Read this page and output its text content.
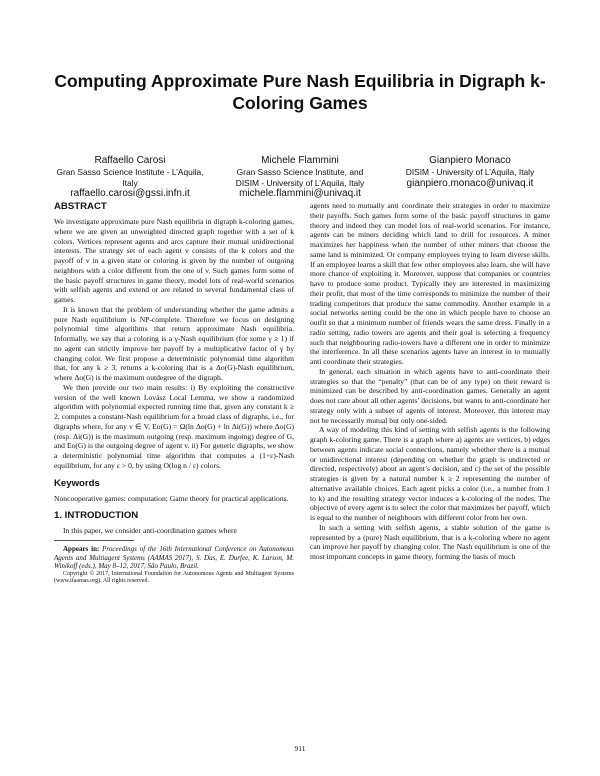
Computing Approximate Pure Nash Equilibria in Digraph k-Coloring Games
Raffaello Carosi
Gran Sasso Science Institute - L’Aquila, Italy
raffaello.carosi@gssi.infn.it
Michele Flammini
Gran Sasso Science Institute, and DISIM - University of L’Aquila, Italy
michele.flammini@univaq.it
Gianpiero Monaco
DISIM - University of L’Aquila, Italy
gianpiero.monaco@univaq.it
ABSTRACT

We investigate approximate pure Nash equilibria in digraph k-coloring games, where we are given an unweighted directed graph together with a set of k colors. Vertices represent agents and arcs capture their mutual unidirectional interests. The strategy set of each agent v consists of the k colors and the payoff of v in a given state or coloring is given by the number of outgoing neighbors with a color different from the one of v. Such games form some of the basic payoff structures in game theory, model lots of real-world scenarios with selfish agents and extend or are related to several fundamental class of games.

It is known that the problem of understanding whether the game admits a pure Nash equilibrium is NP-complete. Therefore we focus on designing polynomial time algorithms that return approximate Nash equilibria. Informally, we say that a coloring is a γ-Nash equilibrium (for some γ ≥ 1) if no agent can strictly improve her payoff by a multiplicative factor of γ by changing color. We first propose a deterministic polynomial time algorithm that, for any k ≥ 3, returns a k-coloring that is a Δo(G)-Nash equilibrium, where Δo(G) is the maximum outdegree of the digraph.

We then provide our two main results: i) By exploiting the constructive version of the well known Lovász Local Lemma, we show a randomized algorithm with polynomial expected running time that, given any constant k ≥ 2, computes a constant-Nash equilibrium for a broad class of digraphs, i.e., for digraphs where, for any v ∈ V, Eo(G) = Ω(ln Δo(G) + ln Δi(G)) where Δo(G) (resp. Δi(G)) is the maximum outgoing (resp. maximum ingoing) degree of G, and Eo(G) is the outgoing degree of agent v. ii) For generic digraphs, we show a deterministic polynomial time algorithm that computes a (1+ε)-Nash equilibrium, for any ε > 0, by using O(log n / ε) colors.

Keywords

Noncooperative games: computation; Game theory for practical applications.

1. INTRODUCTION

In this paper, we consider anti-coordination games where

Appears in: Proceedings of the 16th International Conference on Autonomous Agents and Multiagent Systems (AAMAS 2017), S. Das, E. Durfee, K. Larson, M. Winikoff (eds.), May 8–12, 2017, São Paulo, Brazil.

Copyright © 2017, International Foundation for Autonomous Agents and Multiagent Systems (www.ifaamas.org). All rights reserved.

agents need to mutually anti coordinate their strategies in order to maximize their payoffs. Such games form some of the basic payoff structures in game theory and indeed they can model lots of real-world scenarios. For instance, agents can be miners deciding which land to drill for resources. A miner maximizes her happiness when the number of other miners that choose the same land is minimized. Or company employees trying to learn diverse skills. If an employee learns a skill that few other employees also learn, she will have more chance of exploiting it. Moreover, suppose that companies or countries have to produce some product. Typically they are interested in maximizing their profit, that most of the time corresponds to minimize the number of their trading competitors that produce the same commodity. Another example in a social networks setting could be the one in which people have to choose an outfit so that a minimum number of friends wears the same dress. Finally in a radio setting, radio towers are agents and their goal is selecting a frequency such that neighbouring radio-towers have a different one in order to minimize the interference. In all these scenarios agents have an interest in to mutually anti coordinate their strategies.

In general, each situation in which agents have to anti-coordinate their strategies so that the “penalty” (that can be of any type) on their reward is minimized can be described by anti-coordination games. Generally an agent does not care about all other agents’ decisions, but wants to anti-coordinate her strategy only with a subset of agents of interest. Moreover, this interest may not be necessarily mutual but only one-sided.

A way of modeling this kind of setting with selfish agents is the following graph k-coloring game. There is a graph where a) agents are vertices, b) edges between agents indicate social connections, namely whether there is a mutual or unidirectional interest (depending on whether the graph is undirected or directed, respectively) about an agent’s decision, and c) the set of the possible strategies is given by a natural number k ≥ 2 representing the number of alternative available choices. Each agent picks a color (i.e., a number from 1 to k) and the resulting strategy vector induces a k-coloring of the nodes. The objective of every agent is to select the color that maximizes her payoff, which is equal to the number of neighbours with different color from her own.

In such a setting with selfish agents, a stable solution of the game is represented by a (pure) Nash equilibrium, that is a k-coloring where no agent can improve her payoff by changing color. The Nash equilibrium is one of the most important concepts in game theory, forming the basis of much

911
